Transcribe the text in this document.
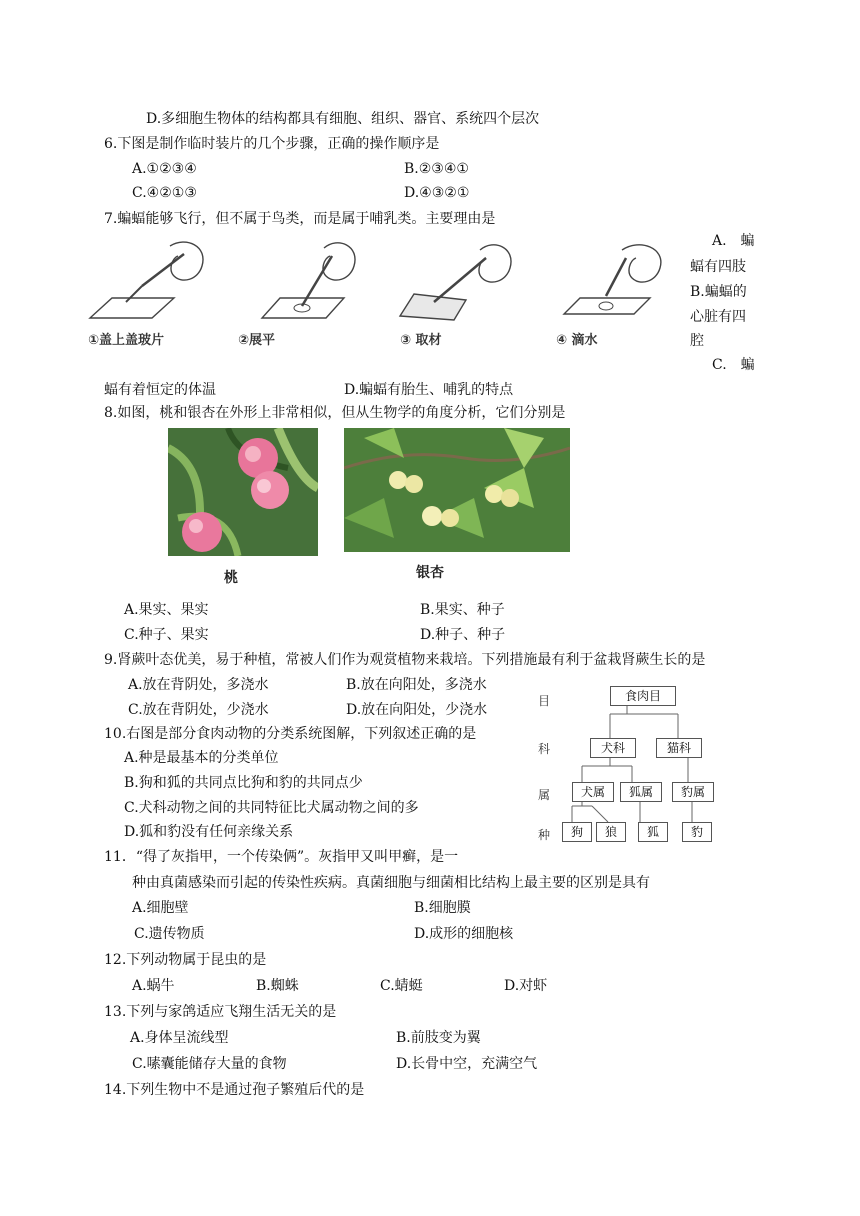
D.多细胞生物体的结构都具有细胞、组织、器官、系统四个层次
6.下图是制作临时装片的几个步骤，正确的操作顺序是
A.①②③④	B.②③④①
C.④②①③	D.④③②①
7.蝙蝠能够飞行，但不属于鸟类，而是属于哺乳类。主要理由是
①盖上盖玻片	②展平	③ 取材	④ 滴水
A.　蝙
蝠有四肢
B.蝙蝠的
心脏有四
腔
C.　蝙
蝠有着恒定的体温	D.蝙蝠有胎生、哺乳的特点
8.如图，桃和银杏在外形上非常相似，但从生物学的角度分析，它们分别是
桃	银杏
A.果实、果实	B.果实、种子
C.种子、果实	D.种子、种子
9.肾蕨叶态优美，易于种植，常被人们作为观赏植物来栽培。下列措施最有利于盆栽肾蕨生长的是
A.放在背阴处，多浇水	B.放在向阳处，多浇水
C.放在背阴处，少浇水	D.放在向阳处，少浇水
10.右图是部分食肉动物的分类系统图解，下列叙述正确的是
A.种是最基本的分类单位
B.狗和狐的共同点比狗和豹的共同点少
C.犬科动物之间的共同特征比犬属动物之间的多
D.狐和豹没有任何亲缘关系
目
科
属
种
食肉目
犬科	猫科
犬属	狐属	豹属
狗	狼	狐	豹
11．“得了灰指甲，一个传染俩”。灰指甲又叫甲癣，是一
种由真菌感染而引起的传染性疾病。真菌细胞与细菌相比结构上最主要的区别是具有
A.细胞壁	B.细胞膜
C.遗传物质	D.成形的细胞核
12.下列动物属于昆虫的是
A.蜗牛	B.蜘蛛	C.蜻蜓	D.对虾
13.下列与家鸽适应飞翔生活无关的是
A.身体呈流线型	B.前肢变为翼
C.嗉囊能储存大量的食物	D.长骨中空，充满空气
14.下列生物中不是通过孢子繁殖后代的是
